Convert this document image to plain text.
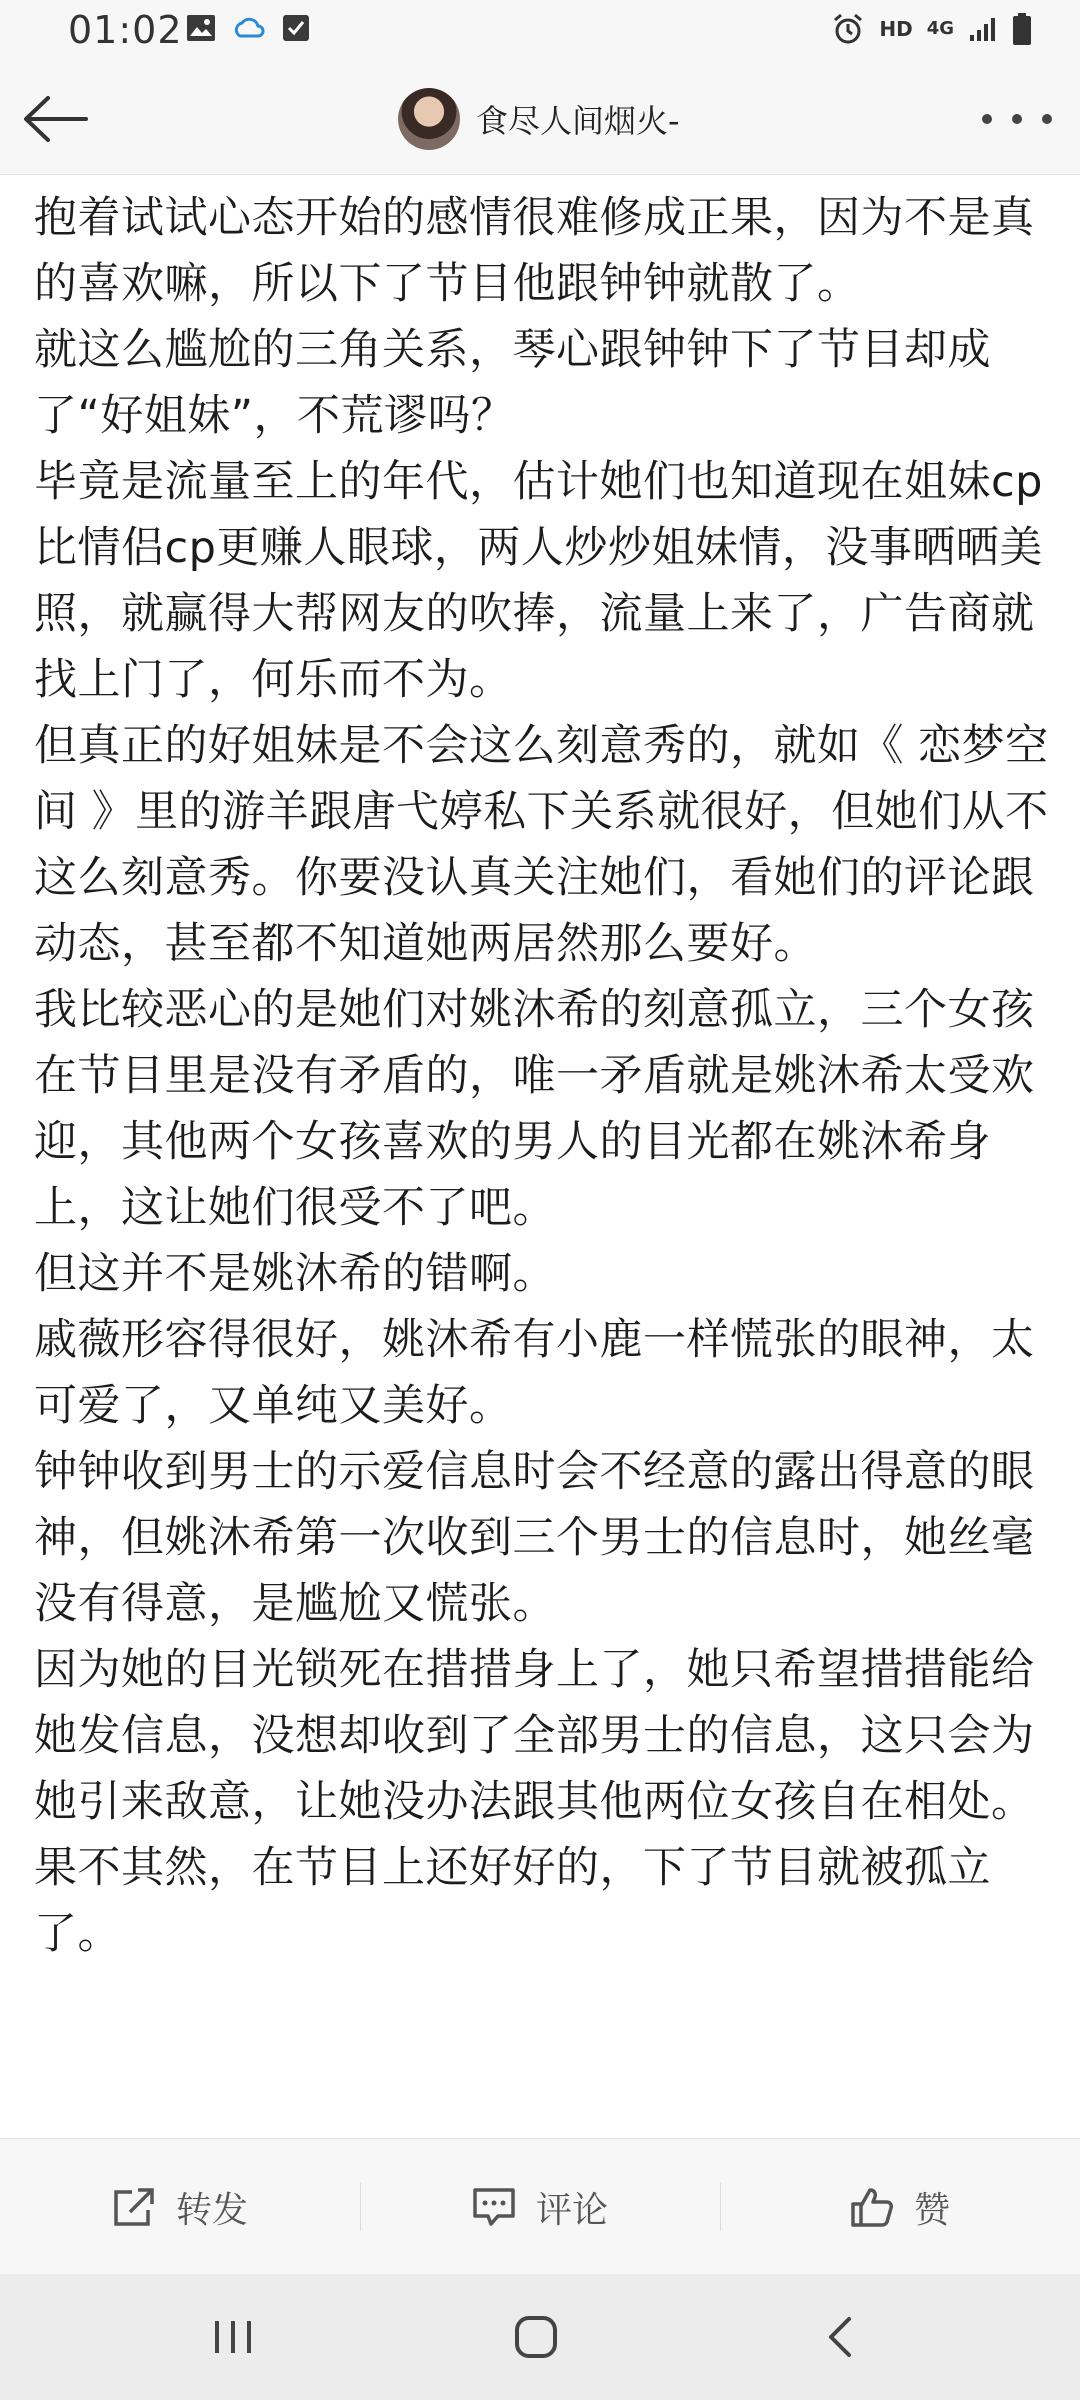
01:02	HD 4G
食尽人间烟火-

抱着试试心态开始的感情很难修成正果，因为不是真的喜欢嘛，所以下了节目他跟钟钟就散了。

就这么尴尬的三角关系，琴心跟钟钟下了节目却成了“好姐妹”，不荒谬吗？

毕竟是流量至上的年代，估计她们也知道现在姐妹cp比情侣cp更赚人眼球，两人炒炒姐妹情，没事晒晒美照，就赢得大帮网友的吹捧，流量上来了，广告商就找上门了，何乐而不为。

但真正的好姐妹是不会这么刻意秀的，就如《 恋梦空间 》里的游羊跟唐弋婷私下关系就很好，但她们从不这么刻意秀。你要没认真关注她们，看她们的评论跟动态，甚至都不知道她两居然那么要好。

我比较恶心的是她们对姚沐希的刻意孤立，三个女孩在节目里是没有矛盾的，唯一矛盾就是姚沐希太受欢迎，其他两个女孩喜欢的男人的目光都在姚沐希身上，这让她们很受不了吧。

但这并不是姚沐希的错啊。

戚薇形容得很好，姚沐希有小鹿一样慌张的眼神，太可爱了，又单纯又美好。

钟钟收到男士的示爱信息时会不经意的露出得意的眼神，但姚沐希第一次收到三个男士的信息时，她丝毫没有得意，是尴尬又慌张。

因为她的目光锁死在措措身上了，她只希望措措能给她发信息，没想却收到了全部男士的信息，这只会为她引来敌意，让她没办法跟其他两位女孩自在相处。

果不其然，在节目上还好好的，下了节目就被孤立了。

转发	评论	赞
